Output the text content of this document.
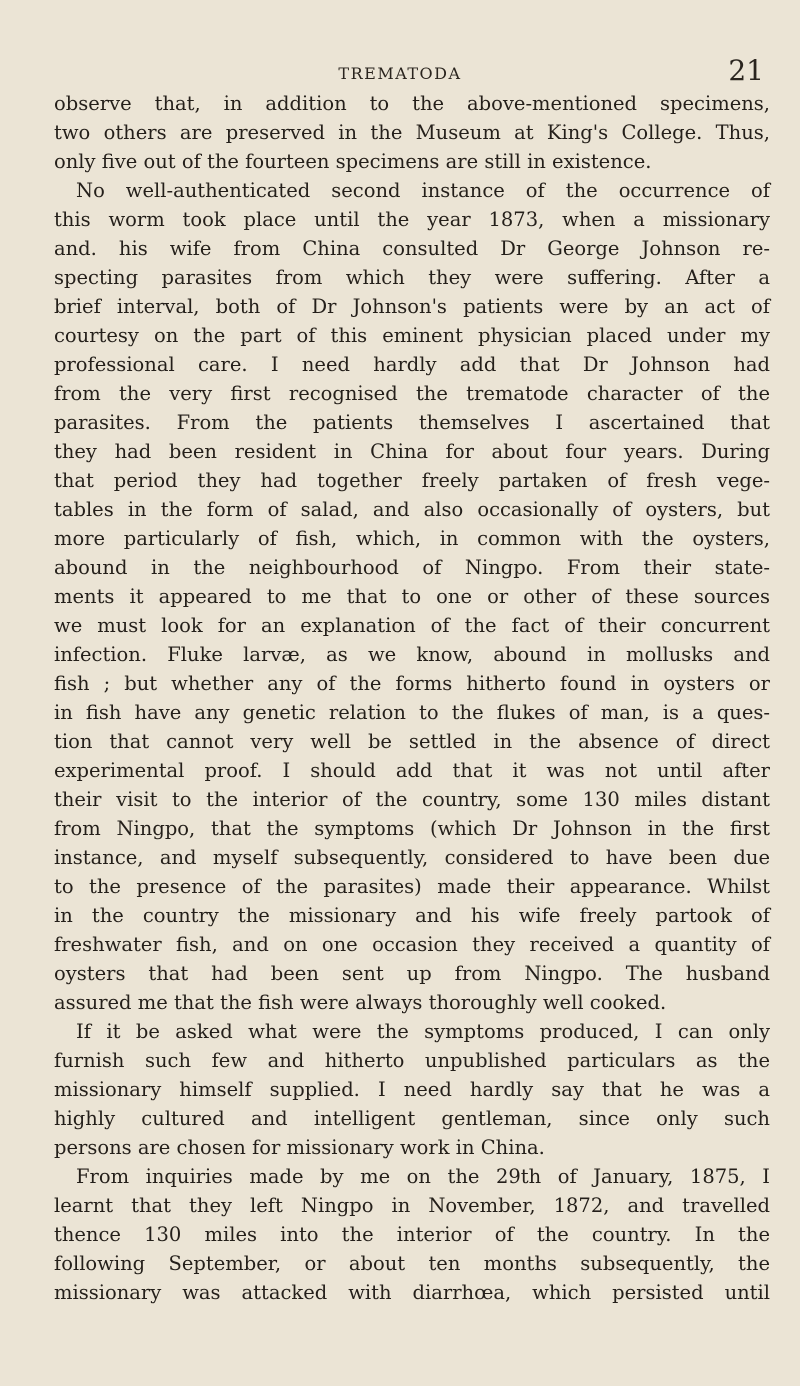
TREMATODA	21
observe that, in addition to the above-mentioned specimens,
two others are preserved in the Museum at King's College. Thus,
only five out of the fourteen specimens are still in existence.
No well-authenticated second instance of the occurrence of
this worm took place until the year 1873, when a missionary
and. his wife from China consulted Dr George Johnson re-
specting parasites from which they were suffering. After a
brief interval, both of Dr Johnson's patients were by an act of
courtesy on the part of this eminent physician placed under my
professional care. I need hardly add that Dr Johnson had
from the very first recognised the trematode character of the
parasites. From the patients themselves I ascertained that
they had been resident in China for about four years. During
that period they had together freely partaken of fresh vege-
tables in the form of salad, and also occasionally of oysters, but
more particularly of fish, which, in common with the oysters,
abound in the neighbourhood of Ningpo. From their state-
ments it appeared to me that to one or other of these sources
we must look for an explanation of the fact of their concurrent
infection. Fluke larvæ, as we know, abound in mollusks and
fish ; but whether any of the forms hitherto found in oysters or
in fish have any genetic relation to the flukes of man, is a ques-
tion that cannot very well be settled in the absence of direct
experimental proof. I should add that it was not until after
their visit to the interior of the country, some 130 miles distant
from Ningpo, that the symptoms (which Dr Johnson in the first
instance, and myself subsequently, considered to have been due
to the presence of the parasites) made their appearance. Whilst
in the country the missionary and his wife freely partook of
freshwater fish, and on one occasion they received a quantity of
oysters that had been sent up from Ningpo. The husband
assured me that the fish were always thoroughly well cooked.
If it be asked what were the symptoms produced, I can only
furnish such few and hitherto unpublished particulars as the
missionary himself supplied. I need hardly say that he was a
highly cultured and intelligent gentleman, since only such
persons are chosen for missionary work in China.
From inquiries made by me on the 29th of January, 1875, I
learnt that they left Ningpo in November, 1872, and travelled
thence 130 miles into the interior of the country. In the
following September, or about ten months subsequently, the
missionary was attacked with diarrhœa, which persisted until
